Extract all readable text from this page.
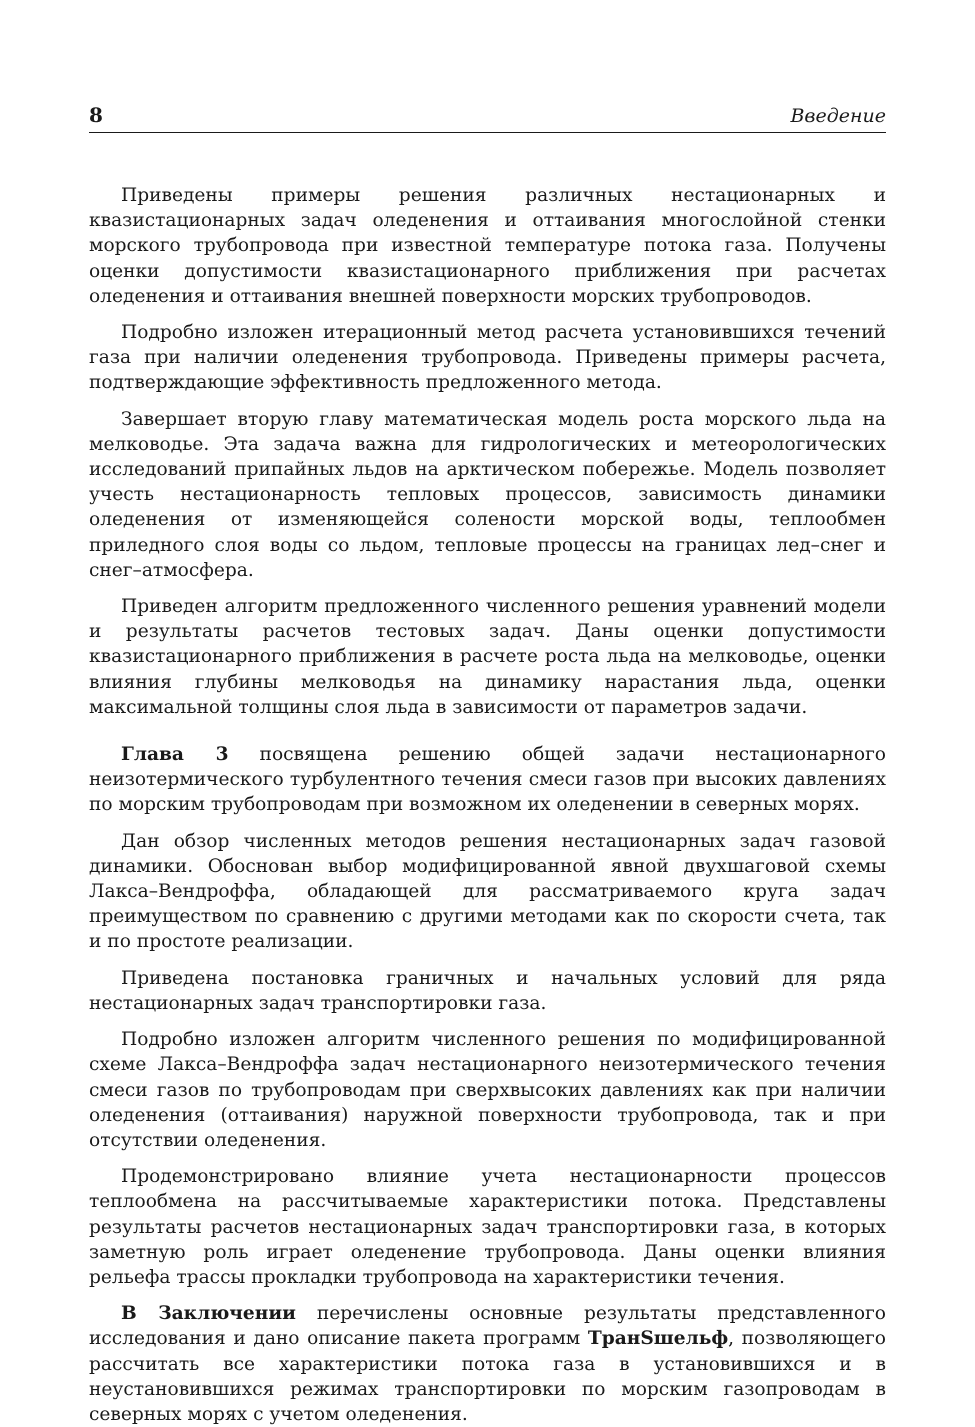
8	Введение

Приведены примеры решения различных нестационарных и квазистационарных задач оледенения и оттаивания многослойной стенки морского трубопровода при известной температуре потока газа. Получены оценки допустимости квазистационарного приближения при расчетах оледенения и оттаивания внешней поверхности морских трубопроводов.

Подробно изложен итерационный метод расчета установившихся течений газа при наличии оледенения трубопровода. Приведены примеры расчета, подтверждающие эффективность предложенного метода.

Завершает вторую главу математическая модель роста морского льда на мелководье. Эта задача важна для гидрологических и метеорологических исследований припайных льдов на арктическом побережье. Модель позволяет учесть нестационарность тепловых процессов, зависимость динамики оледенения от изменяющейся солености морской воды, теплообмен приледного слоя воды со льдом, тепловые процессы на границах лед–снег и снег–атмосфера.

Приведен алгоритм предложенного численного решения уравнений модели и результаты расчетов тестовых задач. Даны оценки допустимости квазистационарного приближения в расчете роста льда на мелководье, оценки влияния глубины мелководья на динамику нарастания льда, оценки максимальной толщины слоя льда в зависимости от параметров задачи.

Глава 3 посвящена решению общей задачи нестационарного неизотермического турбулентного течения смеси газов при высоких давлениях по морским трубопроводам при возможном их оледенении в северных морях.

Дан обзор численных методов решения нестационарных задач газовой динамики. Обоснован выбор модифицированной явной двухшаговой схемы Лакса–Вендроффа, обладающей для рассматриваемого круга задач преимуществом по сравнению с другими методами как по скорости счета, так и по простоте реализации.

Приведена постановка граничных и начальных условий для ряда нестационарных задач транспортировки газа.

Подробно изложен алгоритм численного решения по модифицированной схеме Лакса–Вендроффа задач нестационарного неизотермического течения смеси газов по трубопроводам при сверхвысоких давлениях как при наличии оледенения (оттаивания) наружной поверхности трубопровода, так и при отсутствии оледенения.

Продемонстрировано влияние учета нестационарности процессов теплообмена на рассчитываемые характеристики потока. Представлены результаты расчетов нестационарных задач транспортировки газа, в которых заметную роль играет оледенение трубопровода. Даны оценки влияния рельефа трассы прокладки трубопровода на характеристики течения.

В Заключении перечислены основные результаты представленного исследования и дано описание пакета программ ТранSшельф, позволяющего рассчитать все характеристики потока газа в установившихся и в неустановившихся режимах транспортировки по морским газопроводам в северных морях с учетом оледенения.
